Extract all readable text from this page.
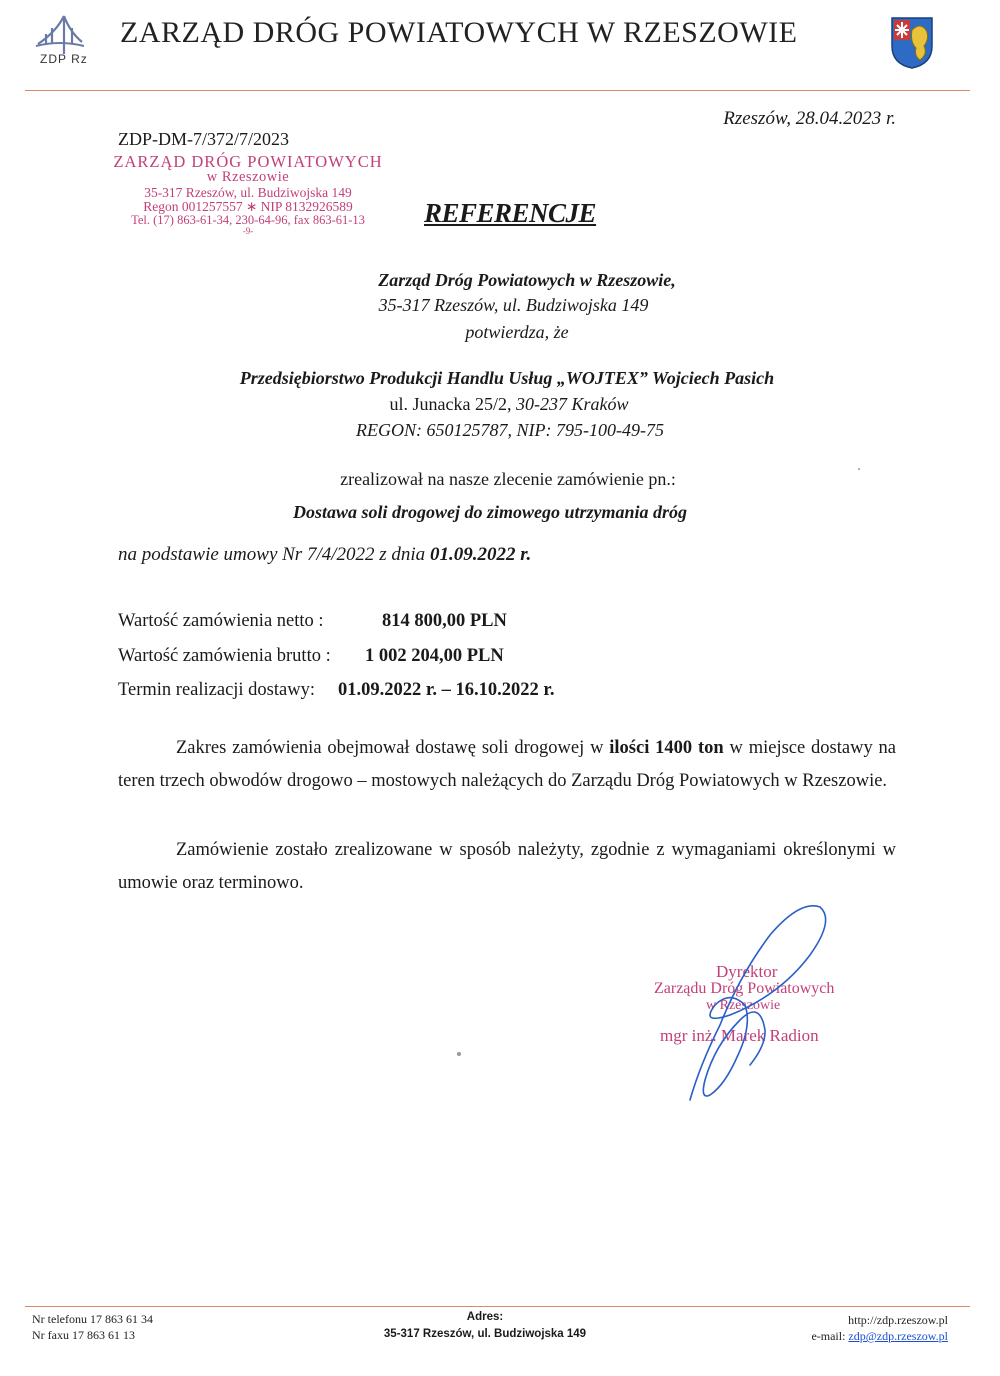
ZDP Rz
ZARZĄD DRÓG POWIATOWYCH W RZESZOWIE
Rzeszów, 28.04.2023 r.
ZDP-DM-7/372/7/2023
ZARZĄD DRÓG POWIATOWYCH
w Rzeszowie
35-317 Rzeszów, ul. Budziwojska 149
Regon 001257557 ∗ NIP 8132926589
Tel. (17) 863-61-34, 230-64-96, fax 863-61-13
-9-
REFERENCJE
Zarząd Dróg Powiatowych w Rzeszowie,
35-317 Rzeszów, ul. Budziwojska 149
potwierdza, że
Przedsiębiorstwo Produkcji Handlu Usług „WOJTEX” Wojciech Pasich
ul. Junacka 25/2, 30-237 Kraków
REGON: 650125787, NIP: 795-100-49-75
zrealizował na nasze zlecenie zamówienie pn.:
Dostawa soli drogowej do zimowego utrzymania dróg
na podstawie umowy Nr 7/4/2022 z dnia 01.09.2022 r.
Wartość zamówienia netto :	814 800,00 PLN
Wartość zamówienia brutto : 1 002 204,00 PLN
Termin realizacji dostawy: 01.09.2022 r. – 16.10.2022 r.
Zakres zamówienia obejmował dostawę soli drogowej w ilości 1400 ton w miejsce dostawy na teren trzech obwodów drogowo – mostowych należących do Zarządu Dróg Powiatowych w Rzeszowie.
Zamówienie zostało zrealizowane w sposób należyty, zgodnie z wymaganiami określonymi w umowie oraz terminowo.
Dyrektor
Zarządu Dróg Powiatowych
w Rzeszowie
mgr inż. Marek Radion
Nr telefonu 17 863 61 34
Nr faxu 17 863 61 13
Adres:
35-317 Rzeszów, ul. Budziwojska 149
http://zdp.rzeszow.pl
e-mail: zdp@zdp.rzeszow.pl
